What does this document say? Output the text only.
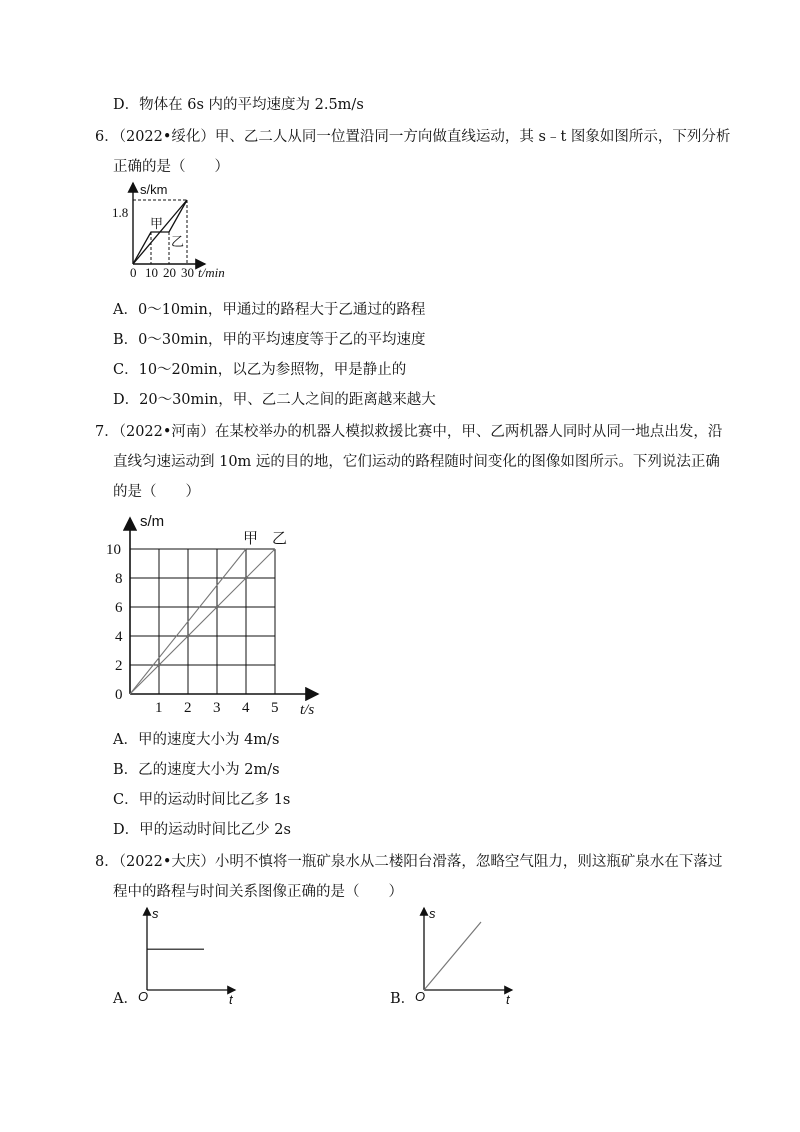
D．物体在 6s 内的平均速度为 2.5m/s
6．（2022•绥化）甲、乙二人从同一位置沿同一方向做直线运动，其 s﹣t 图象如图所示，下列分析
正确的是（　　）
s/km
t/min
1.8
0 10 20 30
甲
乙
A．0～10min，甲通过的路程大于乙通过的路程
B．0～30min，甲的平均速度等于乙的平均速度
C．10～20min，以乙为参照物，甲是静止的
D．20～30min，甲、乙二人之间的距离越来越大
7．（2022•河南）在某校举办的机器人模拟救援比赛中，甲、乙两机器人同时从同一地点出发，沿
直线匀速运动到 10m 远的目的地，它们运动的路程随时间变化的图像如图所示。下列说法正确
的是（　　）
s/m
t/s
0
2
4
6
8
10
1 2 3 4 5
甲 乙
A．甲的速度大小为 4m/s
B．乙的速度大小为 2m/s
C．甲的运动时间比乙多 1s
D．甲的运动时间比乙少 2s
8．（2022•大庆）小明不慎将一瓶矿泉水从二楼阳台滑落，忽略空气阻力，则这瓶矿泉水在下落过
程中的路程与时间关系图像正确的是（　　）
A．
s
t
O	B．
s
t
O
